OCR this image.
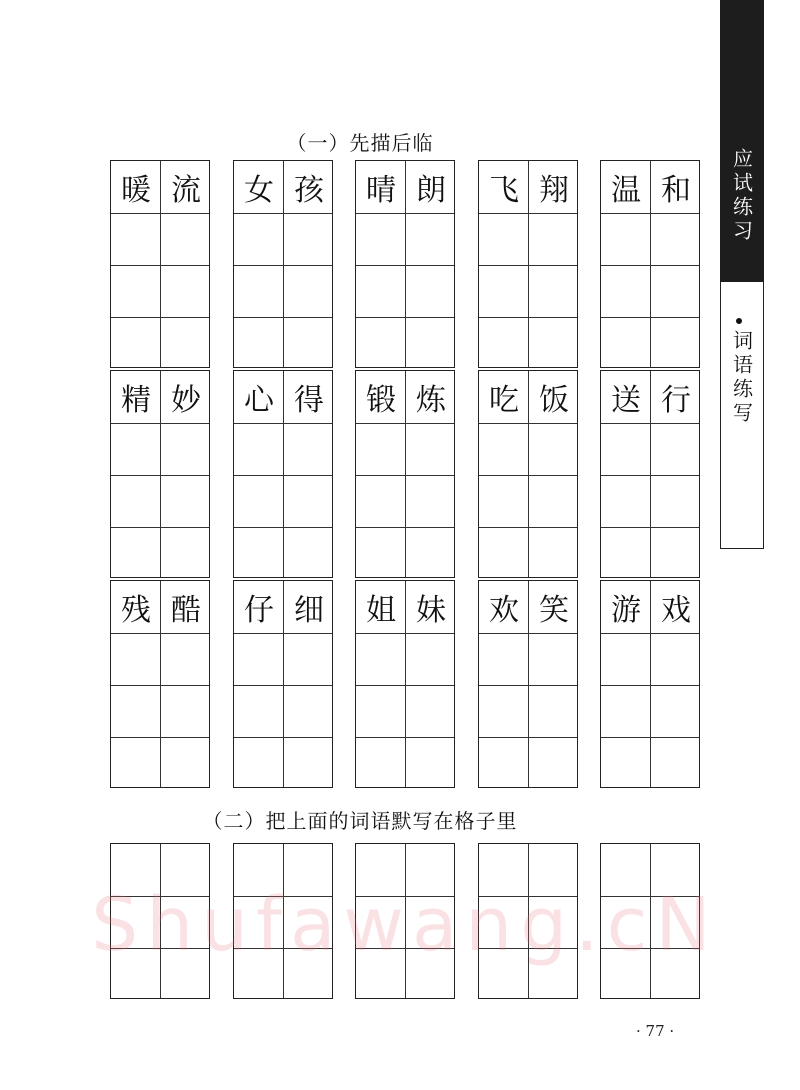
（一）先描后临
（二）把上面的词语默写在格子里
暖 流	女 孩	晴 朗	飞 翔	温 和
精 妙	心 得	锻 炼	吃 饭	送 行
残 酷	仔 细	姐 妹	欢 笑	游 戏
应试练习
词语练写
Shufawang.cN
· 77 ·
